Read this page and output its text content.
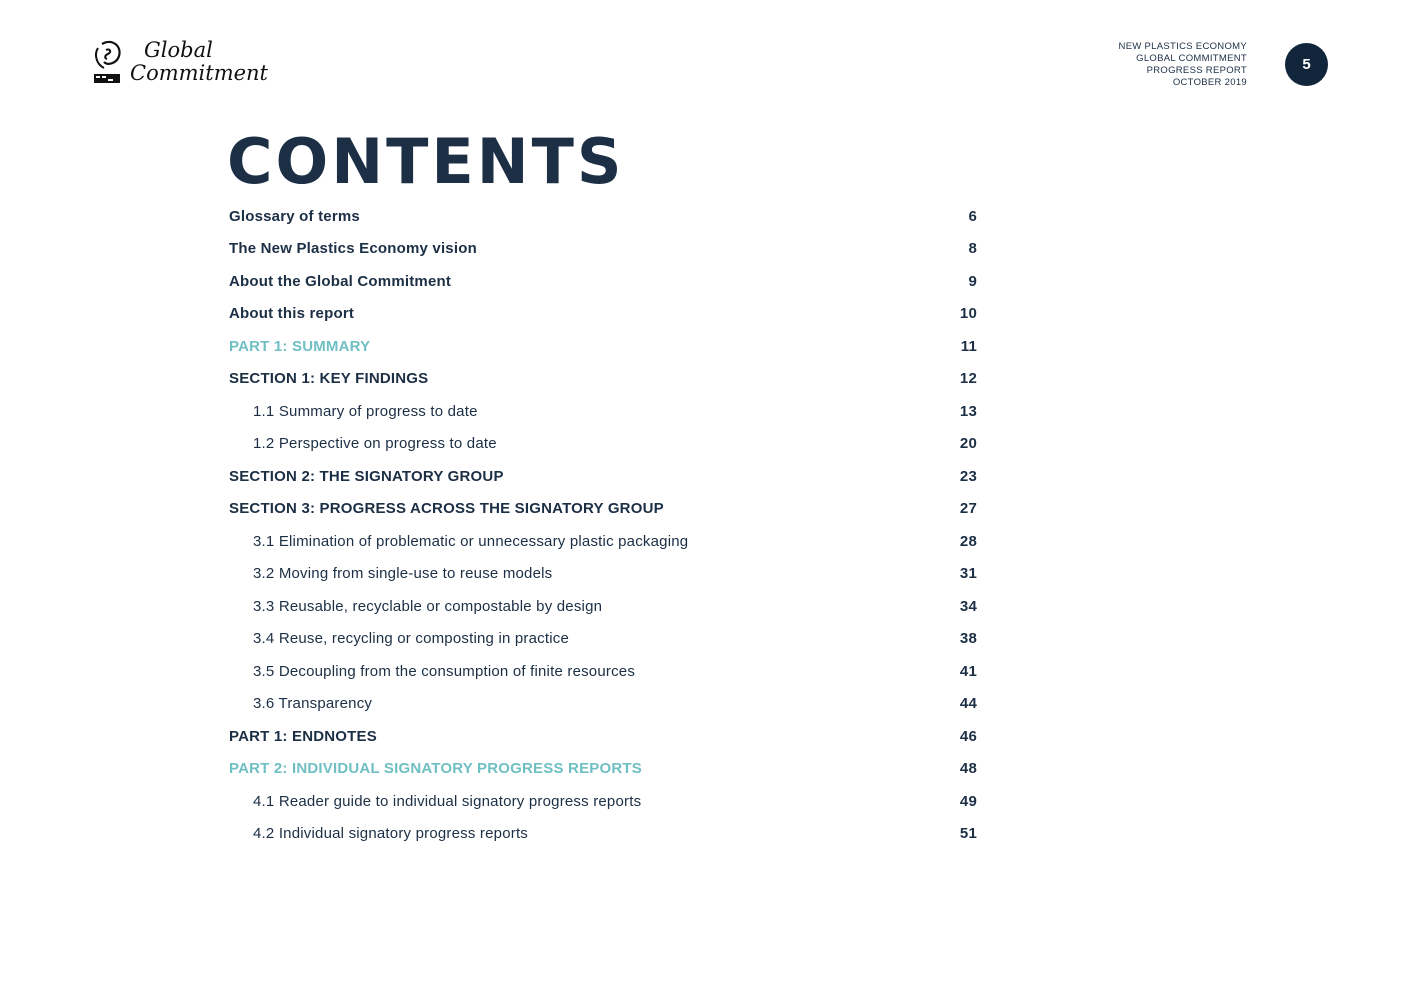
Global
Commitment
NEW PLASTICS ECONOMY
GLOBAL COMMITMENT
PROGRESS REPORT
OCTOBER 2019
5
CONTENTS
Glossary of terms	6
The New Plastics Economy vision	8
About the Global Commitment	9
About this report	10
PART 1: SUMMARY	11
SECTION 1: KEY FINDINGS	12
1.1 Summary of progress to date	13
1.2 Perspective on progress to date	20
SECTION 2: THE SIGNATORY GROUP	23
SECTION 3: PROGRESS ACROSS THE SIGNATORY GROUP	27
3.1 Elimination of problematic or unnecessary plastic packaging	28
3.2 Moving from single-use to reuse models	31
3.3 Reusable, recyclable or compostable by design	34
3.4 Reuse, recycling or composting in practice	38
3.5 Decoupling from the consumption of finite resources	41
3.6 Transparency	44
PART 1: ENDNOTES	46
PART 2: INDIVIDUAL SIGNATORY PROGRESS REPORTS	48
4.1 Reader guide to individual signatory progress reports	49
4.2 Individual signatory progress reports	51
